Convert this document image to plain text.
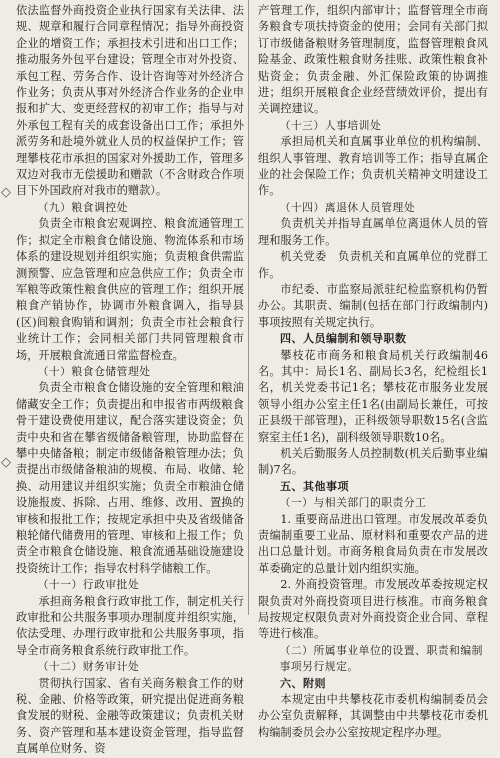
依法监督外商投资企业执行国家有关法律、法规、规章和履行合同章程情况；指导外商投资企业的增资工作；承担技术引进和出口工作；推动服务外包平台建设；管理全市对外投资、承包工程、劳务合作、设计咨询等对外经济合作业务；负责从事对外经济合作业务的企业申报和扩大、变更经营权的初审工作；指导与对外承包工程有关的成套设备出口工作；承担外派劳务和赴境外就业人员的权益保护工作；管理攀枝花市承担的国家对外援助工作，管理多双边对我市无偿援助和赠款（不含财政合作项目下外国政府对我市的赠款）。

（九）粮食调控处

负责全市粮食宏观调控、粮食流通管理工作；拟定全市粮食仓储设施、物流体系和市场体系的建设规划并组织实施；负责粮食供需监测预警、应急管理和应急供应工作；负责全市军粮等政策性粮食供应的管理工作；组织开展粮食产销协作，协调市外粮食调入，指导县(区)间粮食购销和调剂；负责全市社会粮食行业统计工作；会同相关部门共同管理粮食市场，开展粮食流通日常监督检查。

（十）粮食仓储管理处

负责全市粮食仓储设施的安全管理和粮油储藏安全工作；负责提出和申报省市两级粮食骨干建设费使用建议，配合落实建设资金；负责中央和省在攀省级储备粮管理，协助监督在攀中央储备粮；制定市级储备粮管理办法；负责提出市级储备粮油的规模、布局、收储、轮换、动用建议并组织实施；负责全市粮油仓储设施报废、拆除、占用、维修、改用、置换的审核和报批工作；按规定承担中央及省级储备粮轮储代储费用的管理、审核和上报工作；负责全市粮食仓储设施、粮食流通基础设施建设投资统计工作；指导农村科学储粮工作。

（十一）行政审批处

承担商务粮食行政审批工作，制定机关行政审批和公共服务事项办理制度并组织实施，依法受理、办理行政审批和公共服务事项，指导全市商务粮食系统行政审批工作。

（十二）财务审计处

贯彻执行国家、省有关商务粮食工作的财税、金融、价格等政策，研究提出促进商务粮食发展的财税、金融等政策建议；负责机关财务、资产管理和基本建设资金管理，指导监督直属单位财务、资

产管理工作，组织内部审计；监督管理全市商务粮食专项扶持资金的使用；会同有关部门拟订市级储备粮财务管理制度，监督管理粮食风险基金、政策性粮食财务挂账、政策性粮食补贴资金；负责金融、外汇保险政策的协调推进；组织开展粮食企业经营绩效评价，提出有关调控建议。

（十三）人事培训处

承担局机关和直属事业单位的机构编制、组织人事管理、教育培训等工作；指导直属企业的社会保险工作；负责机关精神文明建设工作。

（十四）离退休人员管理处

负责机关并指导直属单位离退休人员的管理和服务工作。

机关党委　负责机关和直属单位的党群工作。

市纪委、市监察局派驻纪检监察机构仍暂办公。其职责、编制(包括在部门行政编制内)事项按照有关规定执行。

四、人员编制和领导职数

攀枝花市商务和粮食局机关行政编制46名。其中：局长1名、副局长3名，纪检组长1名，机关党委书记1名；攀枝花市服务业发展领导小组办公室主任1名(由副局长兼任，可按正县级干部管理)，正科级领导职数15名(含监察室主任1名)，副科级领导职数10名。

机关后勤服务人员控制数(机关后勤事业编制)7名。

五、其他事项
（一）与相关部门的职责分工

1. 重要商品进出口管理。市发展改革委负责编制重要工业品、原材料和重要农产品的进出口总量计划。市商务粮食局负责在市发展改革委确定的总量计划内组织实施。

2. 外商投资管理。市发展改革委按规定权限负责对外商投资项目进行核准。市商务粮食局按规定权限负责对外商投资企业合同、章程等进行核准。

（二）所属事业单位的设置、职责和编制事项另行规定。
六、附则

本规定由中共攀枝花市委机构编制委员会办公室负责解释，其调整由中共攀枝花市委机构编制委员会办公室按规定程序办理。

◇
◇
